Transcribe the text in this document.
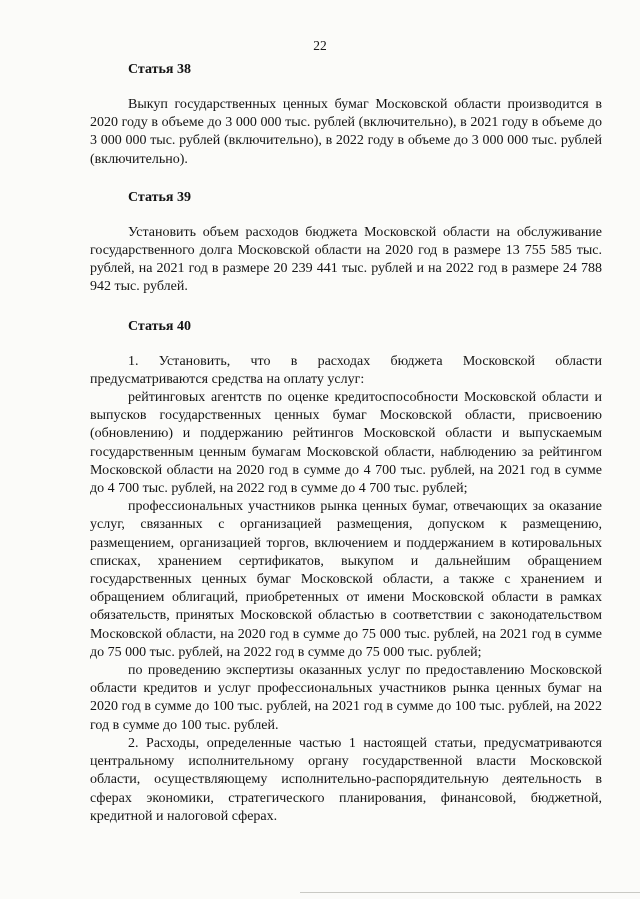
22
Статья 38

Выкуп государственных ценных бумаг Московской области производится в 2020 году в объеме до 3 000 000 тыс. рублей (включительно), в 2021 году в объеме до 3 000 000 тыс. рублей (включительно), в 2022 году в объеме до 3 000 000 тыс. рублей (включительно).

Статья 39

Установить объем расходов бюджета Московской области на обслуживание государственного долга Московской области на 2020 год в размере 13 755 585 тыс. рублей, на 2021 год в размере 20 239 441 тыс. рублей и на 2022 год в размере 24 788 942 тыс. рублей.

Статья 40

1. Установить, что в расходах бюджета Московской области предусматриваются средства на оплату услуг:

рейтинговых агентств по оценке кредитоспособности Московской области и выпусков государственных ценных бумаг Московской области, присвоению (обновлению) и поддержанию рейтингов Московской области и выпускаемым государственным ценным бумагам Московской области, наблюдению за рейтингом Московской области на 2020 год в сумме до 4 700 тыс. рублей, на 2021 год в сумме до 4 700 тыс. рублей, на 2022 год в сумме до 4 700 тыс. рублей;

профессиональных участников рынка ценных бумаг, отвечающих за оказание услуг, связанных с организацией размещения, допуском к размещению, размещением, организацией торгов, включением и поддержанием в котировальных списках, хранением сертификатов, выкупом и дальнейшим обращением государственных ценных бумаг Московской области, а также с хранением и обращением облигаций, приобретенных от имени Московской области в рамках обязательств, принятых Московской областью в соответствии с законодательством Московской области, на 2020 год в сумме до 75 000 тыс. рублей, на 2021 год в сумме до 75 000 тыс. рублей, на 2022 год в сумме до 75 000 тыс. рублей;

по проведению экспертизы оказанных услуг по предоставлению Московской области кредитов и услуг профессиональных участников рынка ценных бумаг на 2020 год в сумме до 100 тыс. рублей, на 2021 год в сумме до 100 тыс. рублей, на 2022 год в сумме до 100 тыс. рублей.

2. Расходы, определенные частью 1 настоящей статьи, предусматриваются центральному исполнительному органу государственной власти Московской области, осуществляющему исполнительно-распорядительную деятельность в сферах экономики, стратегического планирования, финансовой, бюджетной, кредитной и налоговой сферах.
